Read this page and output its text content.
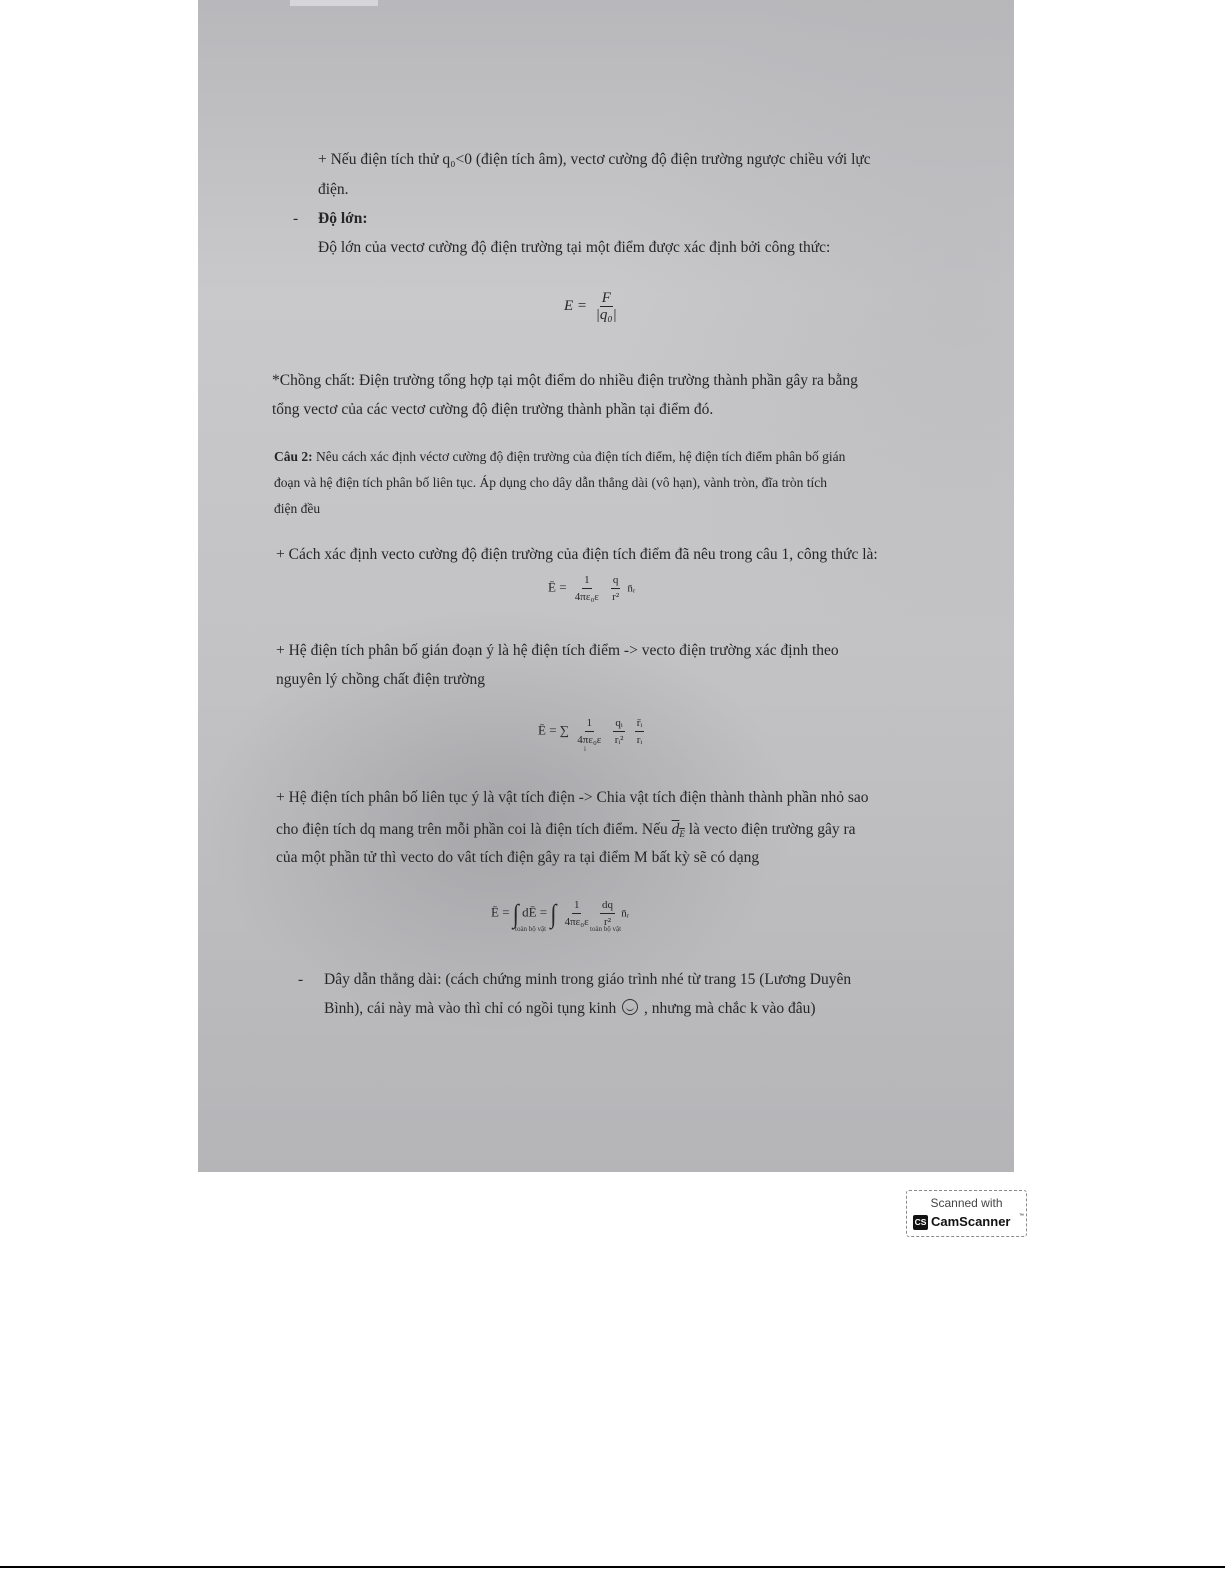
+ Nếu điện tích thử q₀<0 (điện tích âm), vectơ cường độ điện trường ngược chiều với lực
điện.
- Độ lớn:
Độ lớn của vectơ cường độ điện trường tại một điểm được xác định bởi công thức:
$E = \frac{F}{\text{|q₀|}}$
*Chồng chất: Điện trường tổng hợp tại một điểm do nhiều điện trường thành phần gây ra bằng
tổng vectơ của các vectơ cường độ điện trường thành phần tại điểm đó.
Câu 2: Nêu cách xác định véctơ cường độ điện trường của điện tích điểm, hệ điện tích điểm phân bố gián
đoạn và hệ điện tích phân bố liên tục. Áp dụng cho dây dẫn thẳng dài (vô hạn), vành tròn, đĩa tròn tích
điện đều
+ Cách xác định vecto cường độ điện trường của điện tích điểm đã nêu trong câu 1, công thức là:
Ē = $\frac{1}{\text{4πε₀ε}}$
$\frac{q}{\text{r²}}$ n̄ᵣ
+ Hệ điện tích phân bố gián đoạn ý là hệ điện tích điểm -> vecto điện trường xác định theo
nguyên lý chồng chất điện trường
Ē = ∑
i
$\frac{1}{\text{4πε₀ε}}$
$\frac{\text{qᵢ}}{\text{rᵢ²}}$
$\frac{\text{r̄ᵢ}}{\text{rᵢ}}$
+ Hệ điện tích phân bố liên tục ý là vật tích điện -> Chia vật tích điện thành thành phần nhỏ sao
cho điện tích dq mang trên mỗi phần coi là điện tích điểm. Nếu $d_E$ là vecto điện trường gây ra
của một phần tử thì vecto do vât tích điện gây ra tại điểm M bất kỳ sẽ có dạng
Ē = ∫ dĒ = ∫ $\frac{1}{\text{4πε₀ε}}$
$\frac{dq}{\text{r²}}$ n̄ᵣ
toàn bộ vật	toàn bộ vật
- Dây dẫn thẳng dài: (cách chứng minh trong giáo trình nhé từ trang 15 (Lương Duyên
Bình), cái này mà vào thì chỉ có ngồi tụng kinh , nhưng mà chắc k vào đâu)
Scanned with
CS CamScanner ™
